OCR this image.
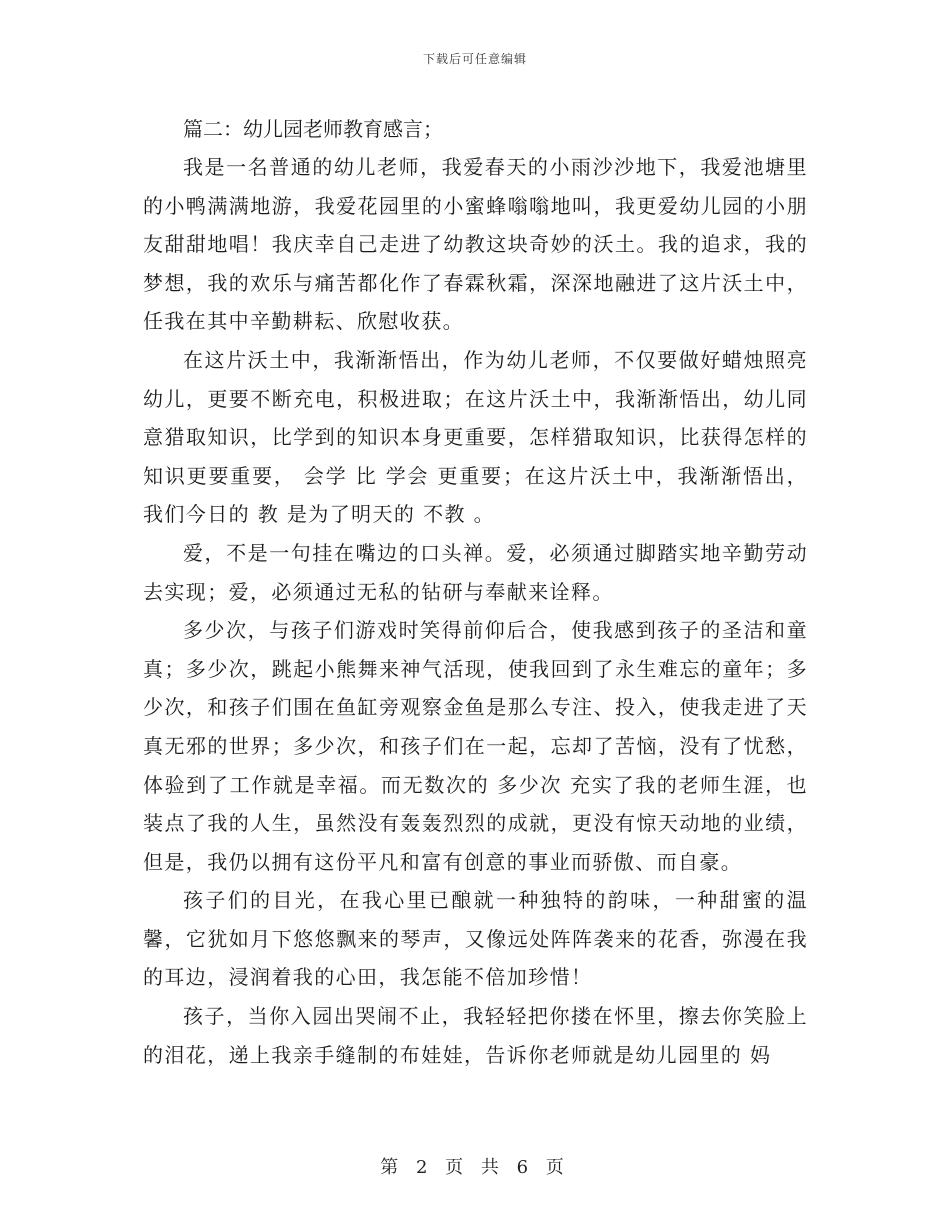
下载后可任意编辑

篇二：幼儿园老师教育感言；

我是一名普通的幼儿老师，我爱春天的小雨沙沙地下，我爱池塘里的小鸭满满地游，我爱花园里的小蜜蜂嗡嗡地叫，我更爱幼儿园的小朋友甜甜地唱！我庆幸自己走进了幼教这块奇妙的沃土。我的追求，我的梦想，我的欢乐与痛苦都化作了春霖秋霜，深深地融进了这片沃土中，任我在其中辛勤耕耘、欣慰收获。

在这片沃土中，我渐渐悟出，作为幼儿老师，不仅要做好蜡烛照亮幼儿，更要不断充电，积极进取；在这片沃土中，我渐渐悟出，幼儿同意猎取知识，比学到的知识本身更重要，怎样猎取知识，比获得怎样的知识更要重要， 会学 比 学会 更重要；在这片沃土中，我渐渐悟出，我们今日的 教 是为了明天的 不教 。

爱，不是一句挂在嘴边的口头禅。爱，必须通过脚踏实地辛勤劳动去实现；爱，必须通过无私的钻研与奉献来诠释。

多少次，与孩子们游戏时笑得前仰后合，使我感到孩子的圣洁和童真；多少次，跳起小熊舞来神气活现，使我回到了永生难忘的童年；多少次，和孩子们围在鱼缸旁观察金鱼是那么专注、投入，使我走进了天真无邪的世界；多少次，和孩子们在一起，忘却了苦恼，没有了忧愁，体验到了工作就是幸福。而无数次的 多少次 充实了我的老师生涯，也装点了我的人生，虽然没有轰轰烈烈的成就，更没有惊天动地的业绩，但是，我仍以拥有这份平凡和富有创意的事业而骄傲、而自豪。

孩子们的目光，在我心里已酿就一种独特的韵味，一种甜蜜的温馨，它犹如月下悠悠飘来的琴声，又像远处阵阵袭来的花香，弥漫在我的耳边，浸润着我的心田，我怎能不倍加珍惜！

孩子，当你入园出哭闹不止，我轻轻把你搂在怀里，擦去你笑脸上的泪花，递上我亲手缝制的布娃娃，告诉你老师就是幼儿园里的 妈

第 2 页 共 6 页
